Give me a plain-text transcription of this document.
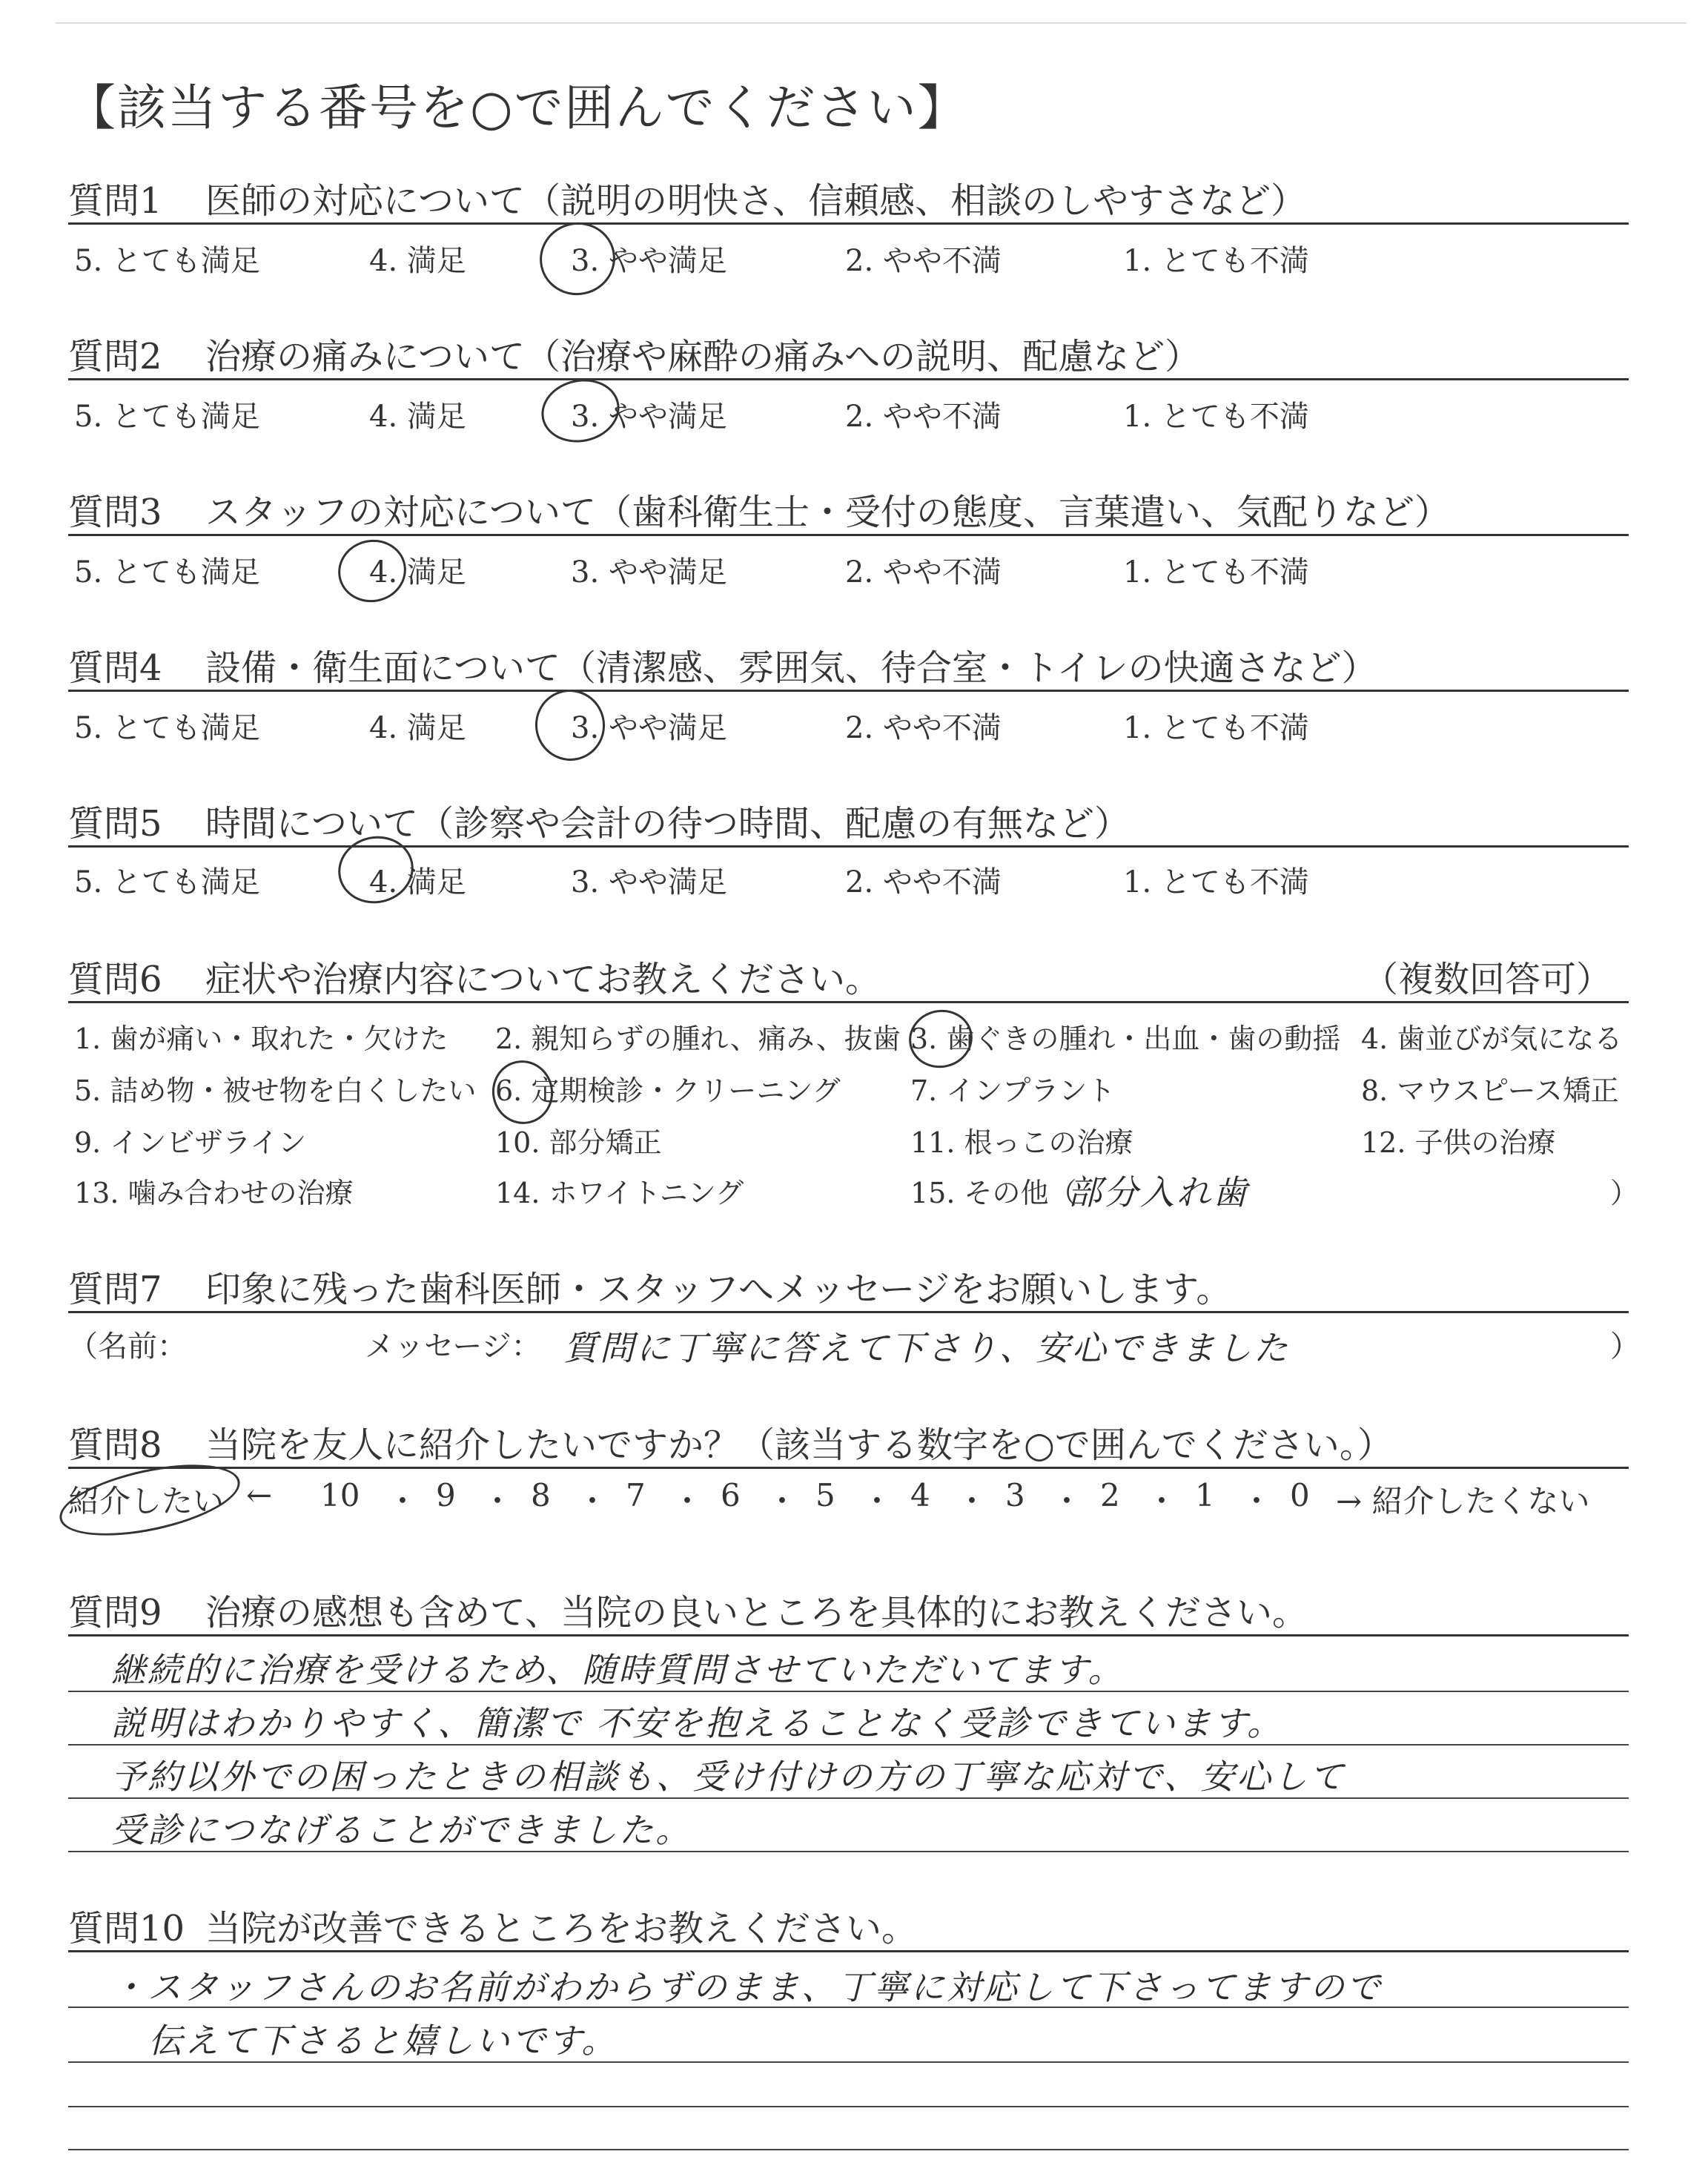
【該当する番号を○で囲んでください】
質問1 医師の対応について（説明の明快さ、信頼感、相談のしやすさなど）
5. とても満足	4. 満足	3. やや満足	2. やや不満	1. とても不満
質問2 治療の痛みについて（治療や麻酔の痛みへの説明、配慮など）
5. とても満足	4. 満足	3. やや満足	2. やや不満	1. とても不満
質問3 スタッフの対応について（歯科衛生士・受付の態度、言葉遣い、気配りなど）
5. とても満足	4. 満足	3. やや満足	2. やや不満	1. とても不満
質問4 設備・衛生面について（清潔感、雰囲気、待合室・トイレの快適さなど）
5. とても満足	4. 満足	3. やや満足	2. やや不満	1. とても不満
質問5 時間について（診察や会計の待つ時間、配慮の有無など）
5. とても満足	4. 満足	3. やや満足	2. やや不満	1. とても不満
質問6 症状や治療内容についてお教えください。	（複数回答可）
1. 歯が痛い・取れた・欠けた 2. 親知らずの腫れ、痛み、抜歯 3. 歯ぐきの腫れ・出血・歯の動揺 4. 歯並びが気になる
5. 詰め物・被せ物を白くしたい 6. 定期検診・クリーニング 7. インプラント	8. マウスピース矯正
9. インビザライン	10. 部分矯正	11. 根っこの治療	12. 子供の治療
13. 噛み合わせの治療	14. ホワイトニング	15. その他（
部分入れ歯	）
質問7 印象に残った歯科医師・スタッフへメッセージをお願いします。
（名前：	メッセージ： 質問に丁寧に答えて下さり、安心できました	）
質問8 当院を友人に紹介したいですか？（該当する数字を○で囲んでください。）
紹介したい ← 10 ・ 9 ・ 8 ・ 7 ・ 6 ・ 5 ・ 4 ・ 3 ・ 2 ・ 1 ・ 0 → 紹介したくない
質問9 治療の感想も含めて、当院の良いところを具体的にお教えください。
継続的に治療を受けるため、随時質問させていただいてます。
説明はわかりやすく、簡潔で 不安を抱えることなく受診できています。
予約以外での困ったときの相談も、受け付けの方の丁寧な応対で、安心して
受診につなげることができました。
質問10 当院が改善できるところをお教えください。
・スタッフさんのお名前がわからずのまま、丁寧に対応して下さってますので
伝えて下さると嬉しいです。
